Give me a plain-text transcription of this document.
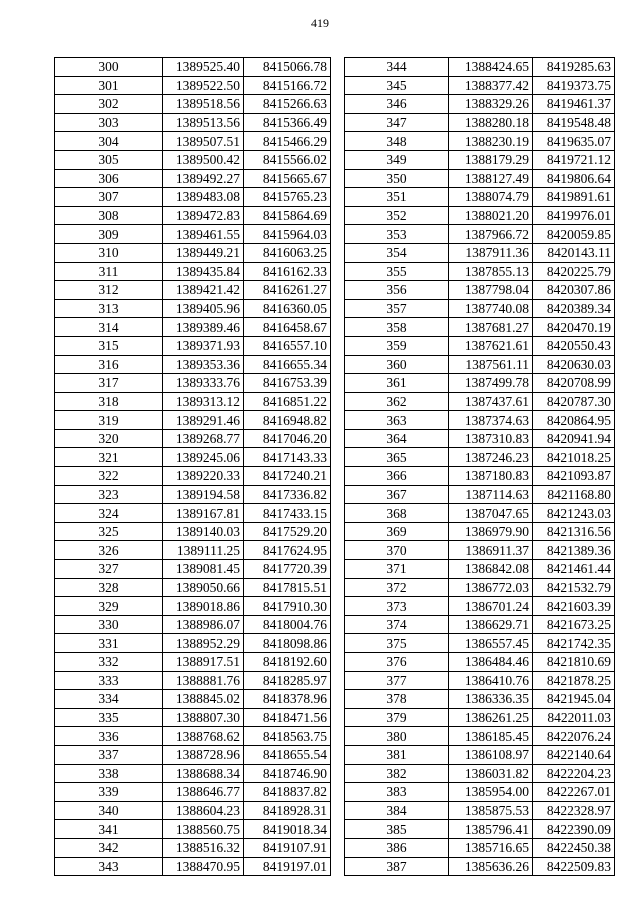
419
300	1389525.40	8415066.78
301	1389522.50	8415166.72
302	1389518.56	8415266.63
303	1389513.56	8415366.49
304	1389507.51	8415466.29
305	1389500.42	8415566.02
306	1389492.27	8415665.67
307	1389483.08	8415765.23
308	1389472.83	8415864.69
309	1389461.55	8415964.03
310	1389449.21	8416063.25
311	1389435.84	8416162.33
312	1389421.42	8416261.27
313	1389405.96	8416360.05
314	1389389.46	8416458.67
315	1389371.93	8416557.10
316	1389353.36	8416655.34
317	1389333.76	8416753.39
318	1389313.12	8416851.22
319	1389291.46	8416948.82
320	1389268.77	8417046.20
321	1389245.06	8417143.33
322	1389220.33	8417240.21
323	1389194.58	8417336.82
324	1389167.81	8417433.15
325	1389140.03	8417529.20
326	1389111.25	8417624.95
327	1389081.45	8417720.39
328	1389050.66	8417815.51
329	1389018.86	8417910.30
330	1388986.07	8418004.76
331	1388952.29	8418098.86
332	1388917.51	8418192.60
333	1388881.76	8418285.97
334	1388845.02	8418378.96
335	1388807.30	8418471.56
336	1388768.62	8418563.75
337	1388728.96	8418655.54
338	1388688.34	8418746.90
339	1388646.77	8418837.82
340	1388604.23	8418928.31
341	1388560.75	8419018.34
342	1388516.32	8419107.91
343	1388470.95	8419197.01
344	1388424.65	8419285.63
345	1388377.42	8419373.75
346	1388329.26	8419461.37
347	1388280.18	8419548.48
348	1388230.19	8419635.07
349	1388179.29	8419721.12
350	1388127.49	8419806.64
351	1388074.79	8419891.61
352	1388021.20	8419976.01
353	1387966.72	8420059.85
354	1387911.36	8420143.11
355	1387855.13	8420225.79
356	1387798.04	8420307.86
357	1387740.08	8420389.34
358	1387681.27	8420470.19
359	1387621.61	8420550.43
360	1387561.11	8420630.03
361	1387499.78	8420708.99
362	1387437.61	8420787.30
363	1387374.63	8420864.95
364	1387310.83	8420941.94
365	1387246.23	8421018.25
366	1387180.83	8421093.87
367	1387114.63	8421168.80
368	1387047.65	8421243.03
369	1386979.90	8421316.56
370	1386911.37	8421389.36
371	1386842.08	8421461.44
372	1386772.03	8421532.79
373	1386701.24	8421603.39
374	1386629.71	8421673.25
375	1386557.45	8421742.35
376	1386484.46	8421810.69
377	1386410.76	8421878.25
378	1386336.35	8421945.04
379	1386261.25	8422011.03
380	1386185.45	8422076.24
381	1386108.97	8422140.64
382	1386031.82	8422204.23
383	1385954.00	8422267.01
384	1385875.53	8422328.97
385	1385796.41	8422390.09
386	1385716.65	8422450.38
387	1385636.26	8422509.83
